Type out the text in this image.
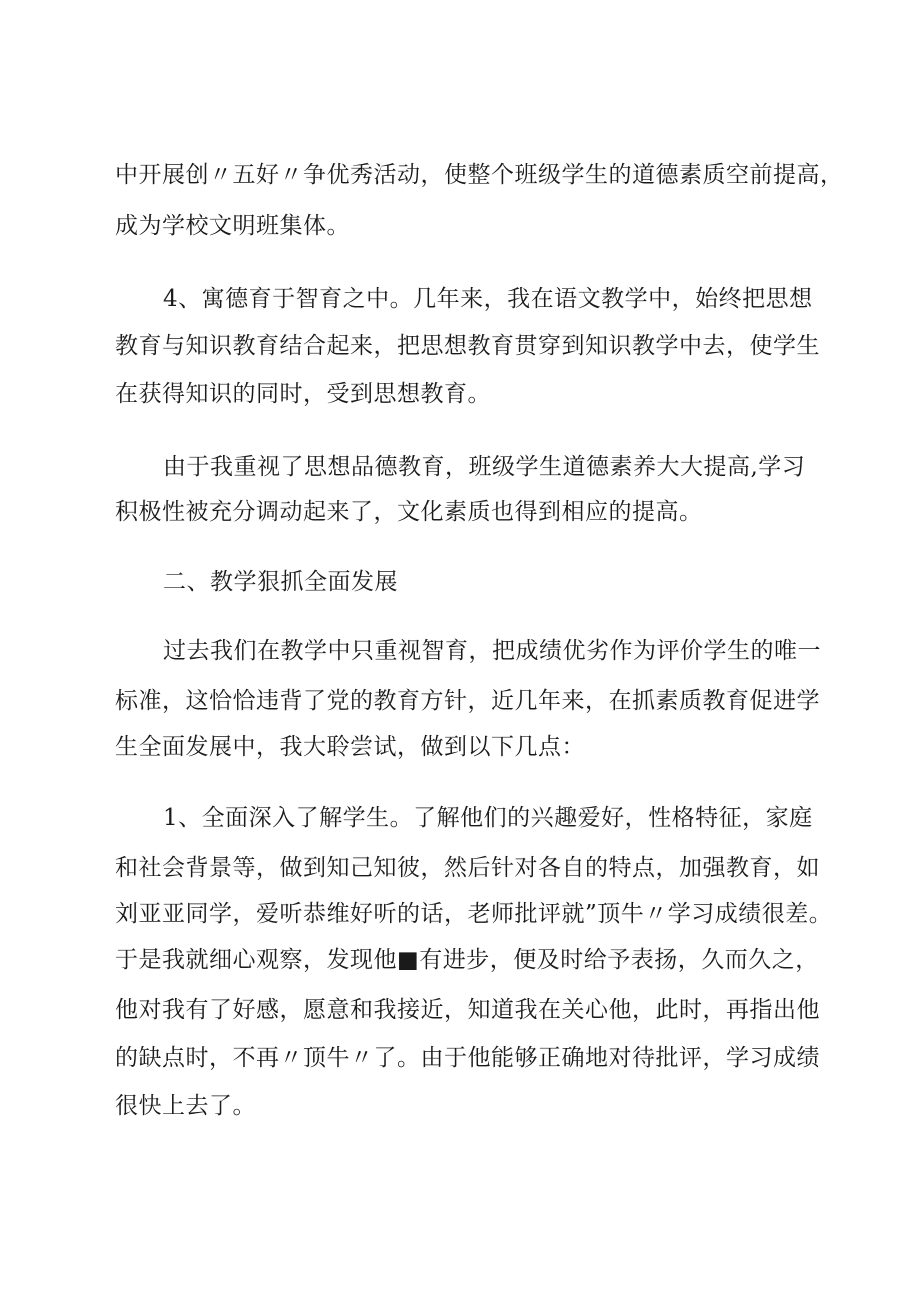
中开展创〃五好〃争优秀活动，使整个班级学生的道德素质空前提高，

成为学校文明班集体。

4、寓德育于智育之中。几年来，我在语文教学中，始终把思想

教育与知识教育结合起来，把思想教育贯穿到知识教学中去，使学生

在获得知识的同时，受到思想教育。

由于我重视了思想品德教育，班级学生道德素养大大提高,学习

积极性被充分调动起来了，文化素质也得到相应的提高。

二、教学狠抓全面发展

过去我们在教学中只重视智育，把成绩优劣作为评价学生的唯一

标准，这恰恰违背了党的教育方针，近几年来，在抓素质教育促进学

生全面发展中，我大聆尝试，做到以下几点：

1、全面深入了解学生。了解他们的兴趣爱好，性格特征，家庭

和社会背景等，做到知己知彼，然后针对各自的特点，加强教育，如

刘亚亚同学，爱听恭维好听的话，老师批评就”顶牛〃学习成绩很差。

于是我就细心观察，发现他■有进步，便及时给予表扬，久而久之，

他对我有了好感，愿意和我接近，知道我在关心他，此时，再指出他

的缺点时，不再〃顶牛〃了。由于他能够正确地对待批评，学习成绩

很快上去了。
